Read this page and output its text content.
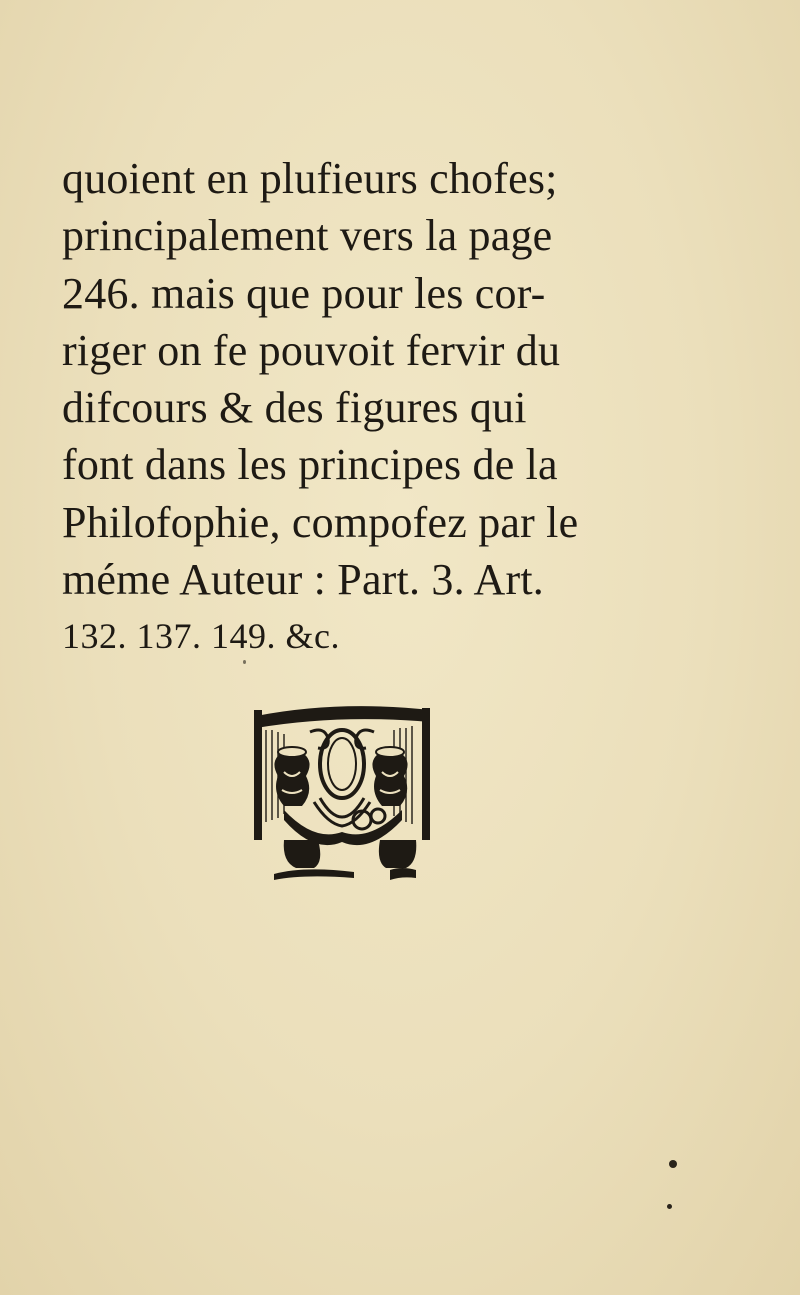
quoient en plufieurs chofes;
principalement vers la page
246. mais que pour les cor-
riger on fe pouvoit fervir du
difcours & des figures qui
font dans les principes de la
Philofophie, compofez par le
méme Auteur : Part. 3. Art.
132. 137. 149. &c.
